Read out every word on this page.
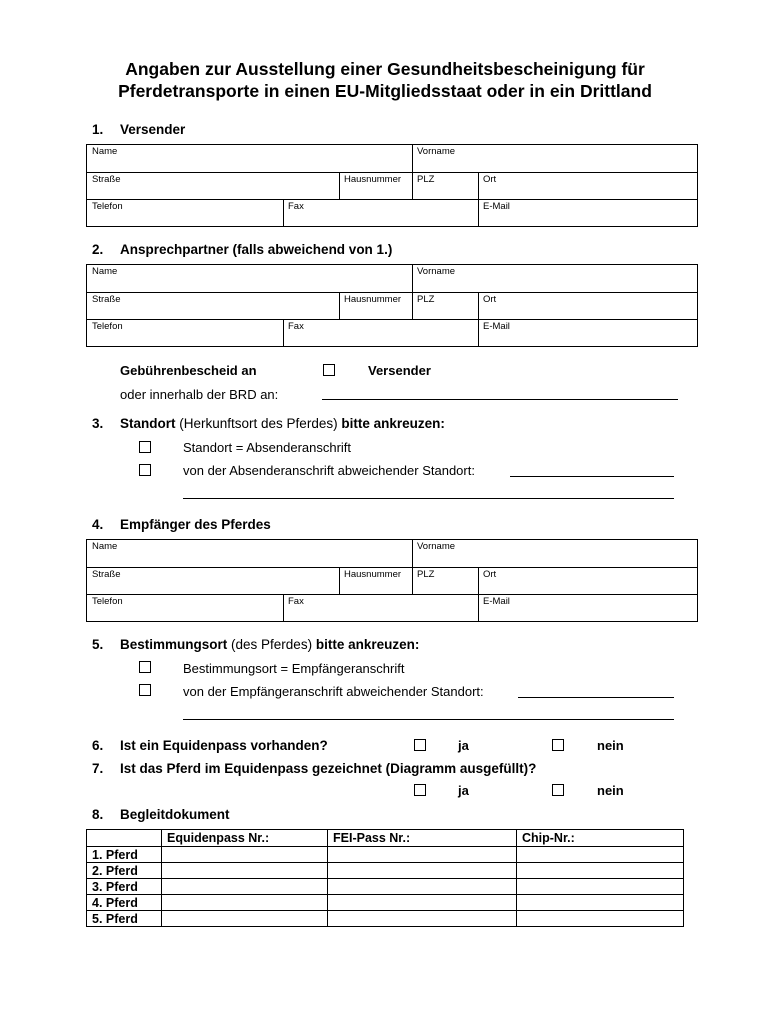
Angaben zur Ausstellung einer Gesundheitsbescheinigung für
Pferdetransporte in einen EU-Mitgliedsstaat oder in ein Drittland
1. Versender
Name	Vorname
Straße	Hausnummer	PLZ	Ort
Telefon	Fax	E-Mail
2. Ansprechpartner (falls abweichend von 1.)
Name	Vorname
Straße	Hausnummer	PLZ	Ort
Telefon	Fax	E-Mail
Gebührenbescheid an	Versender
oder innerhalb der BRD an:
3. Standort (Herkunftsort des Pferdes) bitte ankreuzen:
Standort = Absenderanschrift
von der Absenderanschrift abweichender Standort:
4. Empfänger des Pferdes
Name	Vorname
Straße	Hausnummer	PLZ	Ort
Telefon	Fax	E-Mail
5. Bestimmungsort (des Pferdes) bitte ankreuzen:
Bestimmungsort = Empfängeranschrift
von der Empfängeranschrift abweichender Standort:
6. Ist ein Equidenpass vorhanden?	ja	nein
7. Ist das Pferd im Equidenpass gezeichnet (Diagramm ausgefüllt)?
ja	nein
8. Begleitdokument
	Equidenpass Nr.:	FEI-Pass Nr.:	Chip-Nr.:
1. Pferd			
2. Pferd			
3. Pferd			
4. Pferd			
5. Pferd			
